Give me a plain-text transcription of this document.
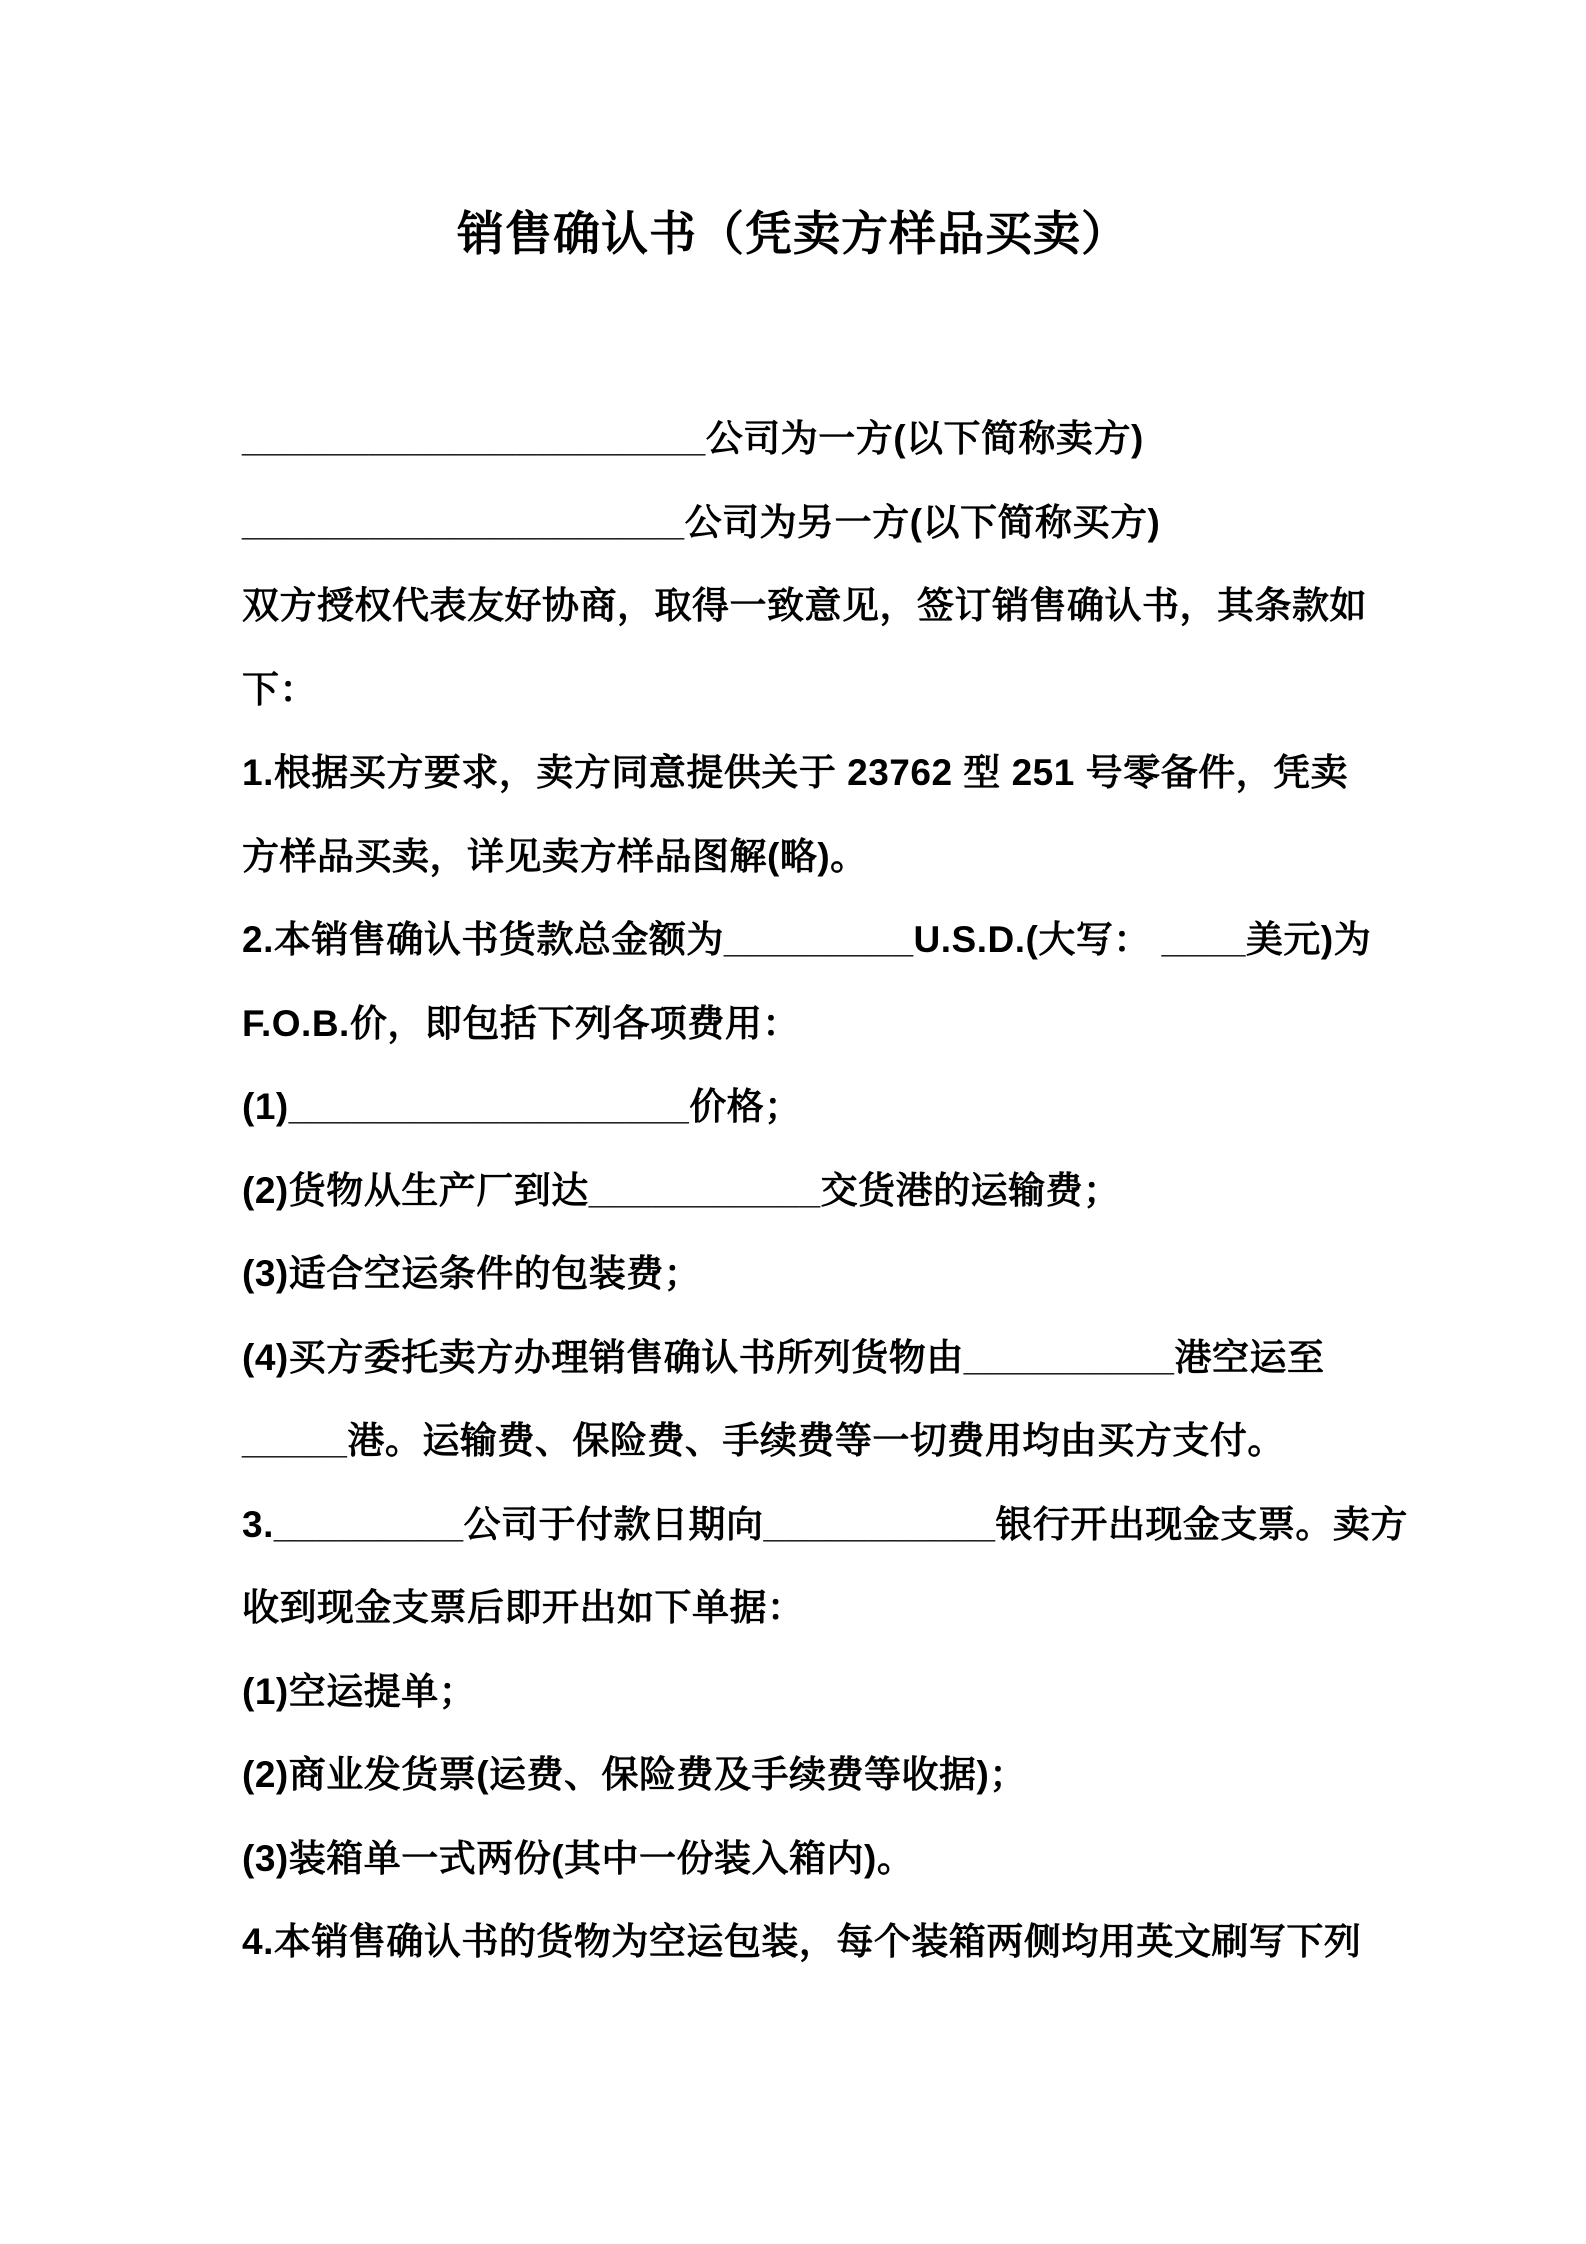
销售确认书（凭卖方样品买卖）
______________________公司为一方(以下简称卖方)
_____________________公司为另一方(以下简称买方)
双方授权代表友好协商，取得一致意见，签订销售确认书，其条款如
下：
1.根据买方要求，卖方同意提供关于 23762 型 251 号零备件，凭卖
方样品买卖，详见卖方样品图解(略)。
2.本销售确认书货款总金额为_________U.S.D.(大写： ____美元)为
F.O.B.价，即包括下列各项费用：
(1)___________________价格；
(2)货物从生产厂到达___________交货港的运输费；
(3)适合空运条件的包装费；
(4)买方委托卖方办理销售确认书所列货物由__________港空运至
_____港。运输费、保险费、手续费等一切费用均由买方支付。
3._________公司于付款日期向___________银行开出现金支票。卖方
收到现金支票后即开出如下单据：
(1)空运提单；
(2)商业发货票(运费、保险费及手续费等收据)；
(3)装箱单一式两份(其中一份装入箱内)。
4.本销售确认书的货物为空运包装，每个装箱两侧均用英文刷写下列
